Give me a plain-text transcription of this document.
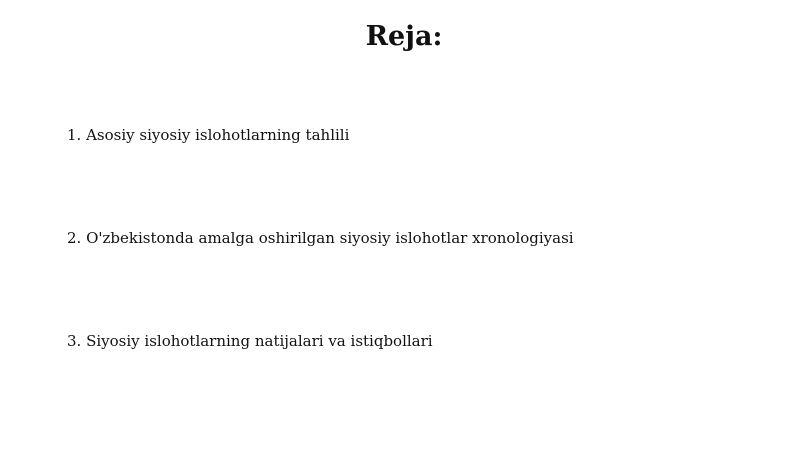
Reja:
1. Asosiy siyosiy islohotlarning tahlili
2. O'zbekistonda amalga oshirilgan siyosiy islohotlar xronologiyasi
3. Siyosiy islohotlarning natijalari va istiqbollari
